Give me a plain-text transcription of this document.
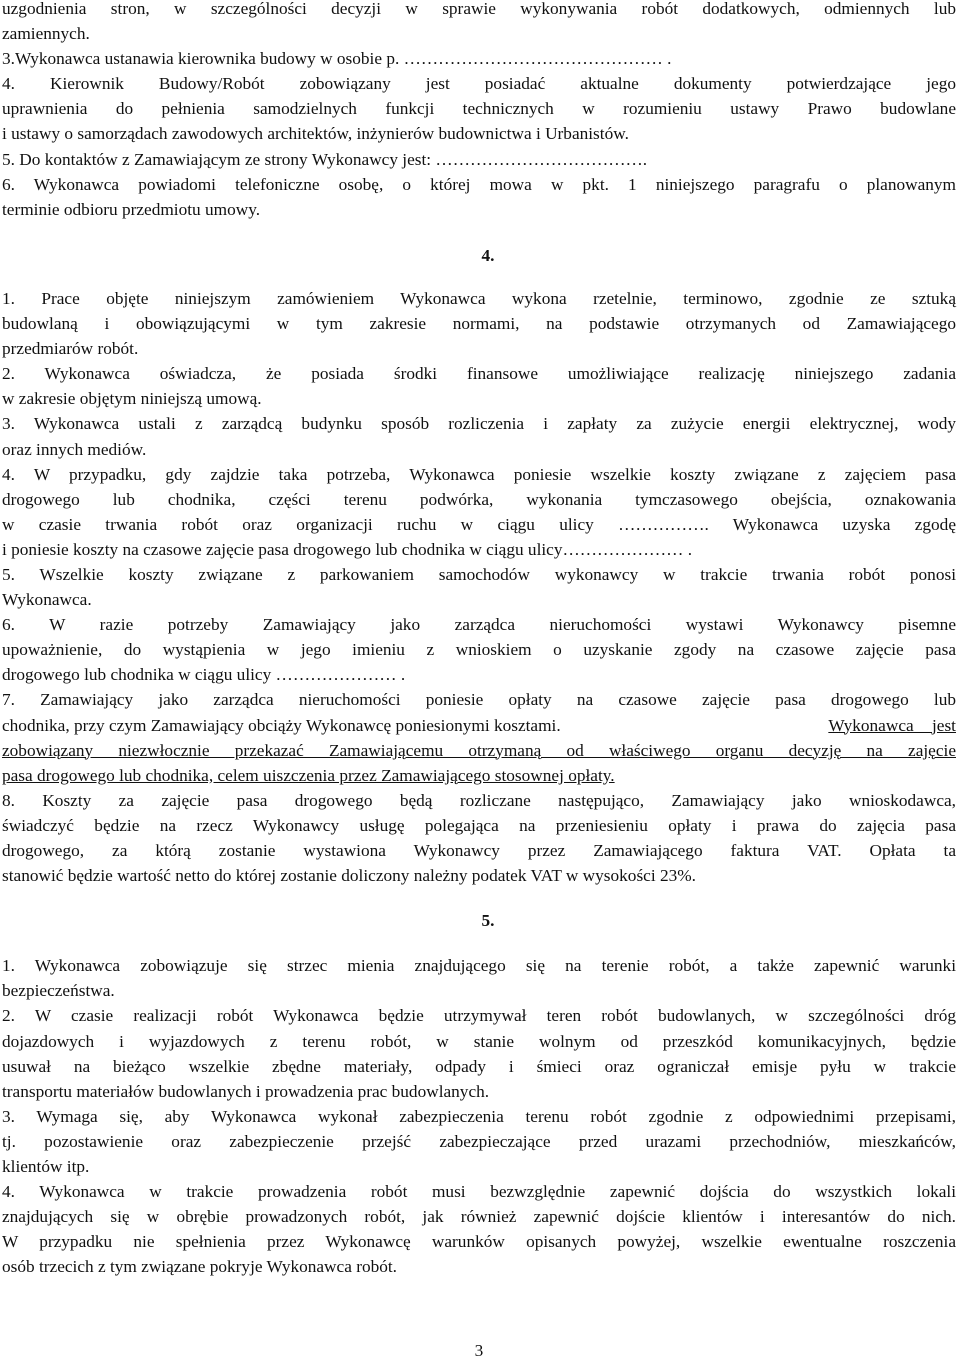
uzgodnienia stron, w szczególności decyzji w sprawie wykonywania robót dodatkowych, odmiennych lub
zamiennych.
3.Wykonawca ustanawia kierownika budowy w osobie p. ……………………………………… .
4. Kierownik Budowy/Robót zobowiązany jest posiadać aktualne dokumenty potwierdzające jego
uprawnienia do pełnienia samodzielnych funkcji technicznych w rozumieniu ustawy Prawo budowlane
i ustawy o samorządach zawodowych architektów, inżynierów budownictwa i Urbanistów.
5. Do kontaktów z Zamawiającym ze strony Wykonawcy jest: ……………………………….
6. Wykonawca powiadomi telefoniczne osobę, o której mowa w pkt. 1 niniejszego paragrafu o planowanym
terminie odbioru przedmiotu umowy.
4.
1. Prace objęte niniejszym zamówieniem Wykonawca wykona rzetelnie, terminowo, zgodnie ze sztuką
budowlaną i obowiązującymi w tym zakresie normami, na podstawie otrzymanych od Zamawiającego
przedmiarów robót.
2. Wykonawca oświadcza, że posiada środki finansowe umożliwiające realizację niniejszego zadania
w zakresie objętym niniejszą umową.
3. Wykonawca ustali z zarządcą budynku sposób rozliczenia i zapłaty za zużycie energii elektrycznej, wody
oraz innych mediów.
4. W przypadku, gdy zajdzie taka potrzeba, Wykonawca poniesie wszelkie koszty związane z zajęciem pasa
drogowego lub chodnika, części terenu podwórka, wykonania tymczasowego obejścia, oznakowania
w czasie trwania robót oraz organizacji ruchu w ciągu ulicy ……………. Wykonawca uzyska zgodę
i poniesie koszty na czasowe zajęcie pasa drogowego lub chodnika w ciągu ulicy………………… .
5. Wszelkie koszty związane z parkowaniem samochodów wykonawcy w trakcie trwania robót ponosi
Wykonawca.
6. W razie potrzeby Zamawiający jako zarządca nieruchomości wystawi Wykonawcy pisemne
upoważnienie, do wystąpienia w jego imieniu z wnioskiem o uzyskanie zgody na czasowe zajęcie pasa
drogowego lub chodnika w ciągu ulicy ………………… .
7. Zamawiający jako zarządca nieruchomości poniesie opłaty na czasowe zajęcie pasa drogowego lub
chodnika, przy czym Zamawiający obciąży Wykonawcę poniesionymi kosztami.	Wykonawca jest
zobowiązany niezwłocznie przekazać Zamawiającemu otrzymaną od właściwego organu decyzję na zajęcie
pasa drogowego lub chodnika, celem uiszczenia przez Zamawiającego stosownej opłaty.
8. Koszty za zajęcie pasa drogowego będą rozliczane następująco, Zamawiający jako wnioskodawca,
świadczyć będzie na rzecz Wykonawcy usługę polegająca na przeniesieniu opłaty i prawa do zajęcia pasa
drogowego, za którą zostanie wystawiona Wykonawcy przez Zamawiającego faktura VAT. Opłata ta
stanowić będzie wartość netto do której zostanie doliczony należny podatek VAT w wysokości 23%.
5.
1. Wykonawca zobowiązuje się strzec mienia znajdującego się na terenie robót, a także zapewnić warunki
bezpieczeństwa.
2. W czasie realizacji robót Wykonawca będzie utrzymywał teren robót budowlanych, w szczególności dróg
dojazdowych i wyjazdowych z terenu robót, w stanie wolnym od przeszkód komunikacyjnych, będzie
usuwał na bieżąco wszelkie zbędne materiały, odpady i śmieci oraz ograniczał emisje pyłu w trakcie
transportu materiałów budowlanych i prowadzenia prac budowlanych.
3. Wymaga się, aby Wykonawca wykonał zabezpieczenia terenu robót zgodnie z odpowiednimi przepisami,
tj. pozostawienie oraz zabezpieczenie przejść zabezpieczające przed urazami przechodniów, mieszkańców,
klientów itp.
4. Wykonawca w trakcie prowadzenia robót musi bezwzględnie zapewnić dojścia do wszystkich lokali
znajdujących się w obrębie prowadzonych robót, jak również zapewnić dojście klientów i interesantów do nich.
W przypadku nie spełnienia przez Wykonawcę warunków opisanych powyżej, wszelkie ewentualne roszczenia
osób trzecich z tym związane pokryje Wykonawca robót.
3
